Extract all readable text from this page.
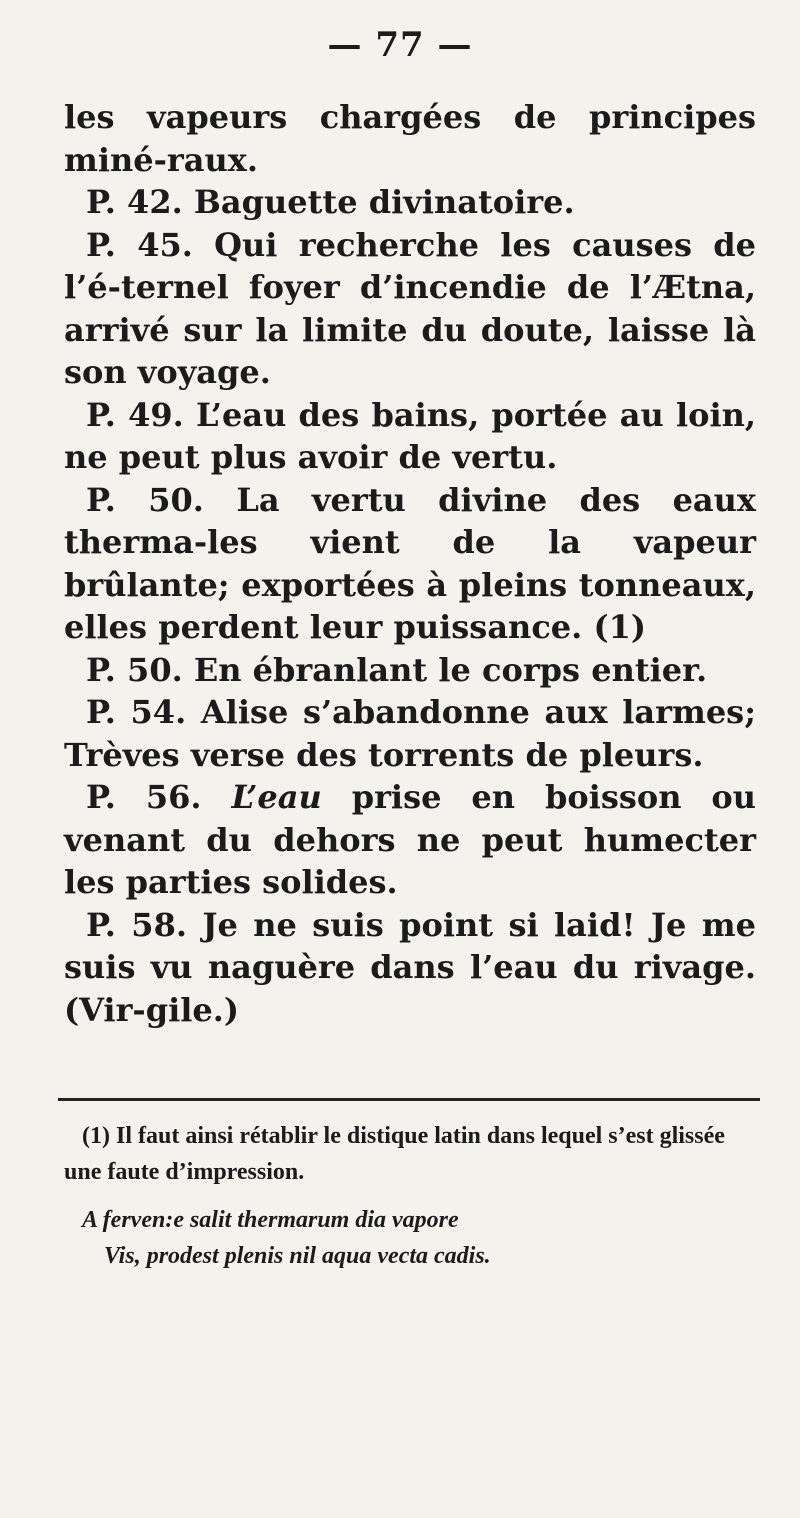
— 77 —

les vapeurs chargées de principes miné-raux.

P. 42. Baguette divinatoire.

P. 45. Qui recherche les causes de l’é-ternel foyer d’incendie de l’Ætna, arrivé sur la limite du doute, laisse là son voyage.

P. 49. L’eau des bains, portée au loin, ne peut plus avoir de vertu.

P. 50. La vertu divine des eaux therma-les vient de la vapeur brûlante; exportées à pleins tonneaux, elles perdent leur puissance. (1)

P. 50. En ébranlant le corps entier.

P. 54. Alise s’abandonne aux larmes; Trèves verse des torrents de pleurs.

P. 56. L’eau prise en boisson ou venant du dehors ne peut humecter les parties solides.

P. 58. Je ne suis point si laid! Je me suis vu naguère dans l’eau du rivage. (Vir-gile.)

(1) Il faut ainsi rétablir le distique latin dans lequel s’est glissée une faute d’impression.

A ferven:e salit thermarum dia vapore

Vis, prodest plenis nil aqua vecta cadis.
